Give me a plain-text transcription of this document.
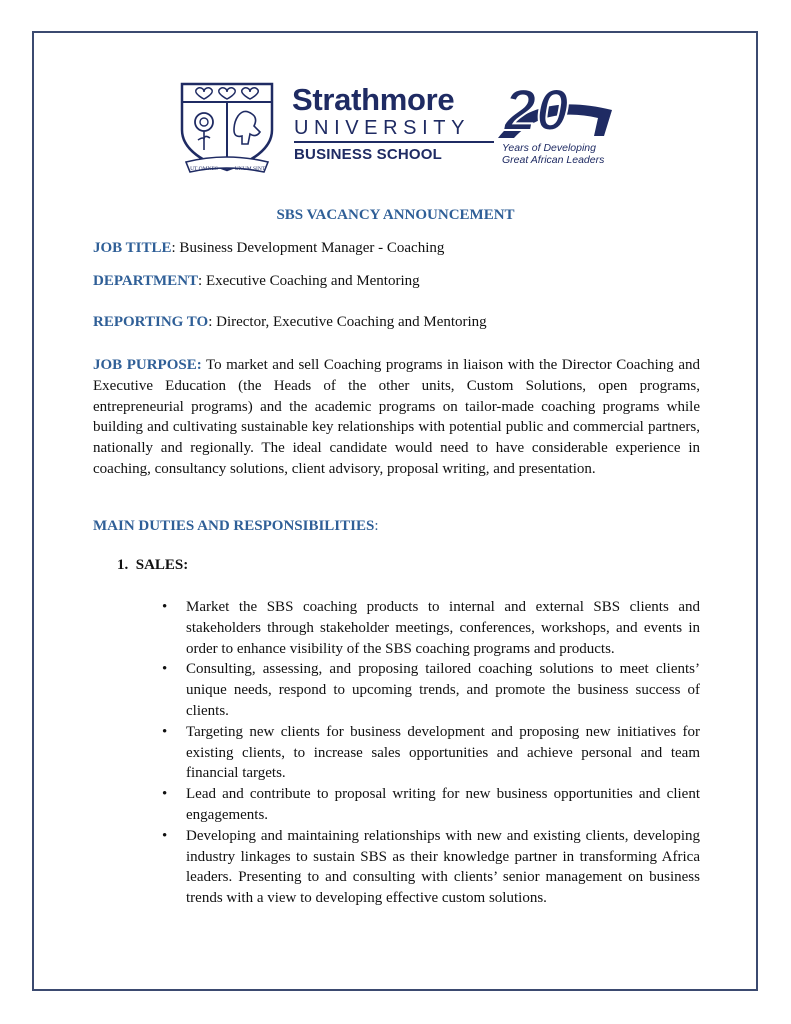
UT OMNES	UNUM SINT
Strathmore
UNIVERSITY
BUSINESS SCHOOL
20
Years of Developing
Great African Leaders
SBS VACANCY ANNOUNCEMENT
JOB TITLE: Business Development Manager - Coaching
DEPARTMENT: Executive Coaching and Mentoring
REPORTING TO: Director, Executive Coaching and Mentoring
JOB PURPOSE: To market and sell Coaching programs in liaison with the Director Coaching and Executive Education (the Heads of the other units, Custom Solutions, open programs, entrepreneurial programs) and the academic programs on tailor-made coaching programs while building and cultivating sustainable key relationships with potential public and commercial partners, nationally and regionally. The ideal candidate would need to have considerable experience in coaching, consultancy solutions, client advisory, proposal writing, and presentation.
MAIN DUTIES AND RESPONSIBILITIES:
1.  SALES:
• Market the SBS coaching products to internal and external SBS clients and stakeholders through stakeholder meetings, conferences, workshops, and events in order to enhance visibility of the SBS coaching programs and products.
• Consulting, assessing, and proposing tailored coaching solutions to meet clients’ unique needs, respond to upcoming trends, and promote the business success of clients.
• Targeting new clients for business development and proposing new initiatives for existing clients, to increase sales opportunities and achieve personal and team financial targets.
• Lead and contribute to proposal writing for new business opportunities and client engagements.
• Developing and maintaining relationships with new and existing clients, developing industry linkages to sustain SBS as their knowledge partner in transforming Africa leaders. Presenting to and consulting with clients’ senior management on business trends with a view to developing effective custom solutions.
